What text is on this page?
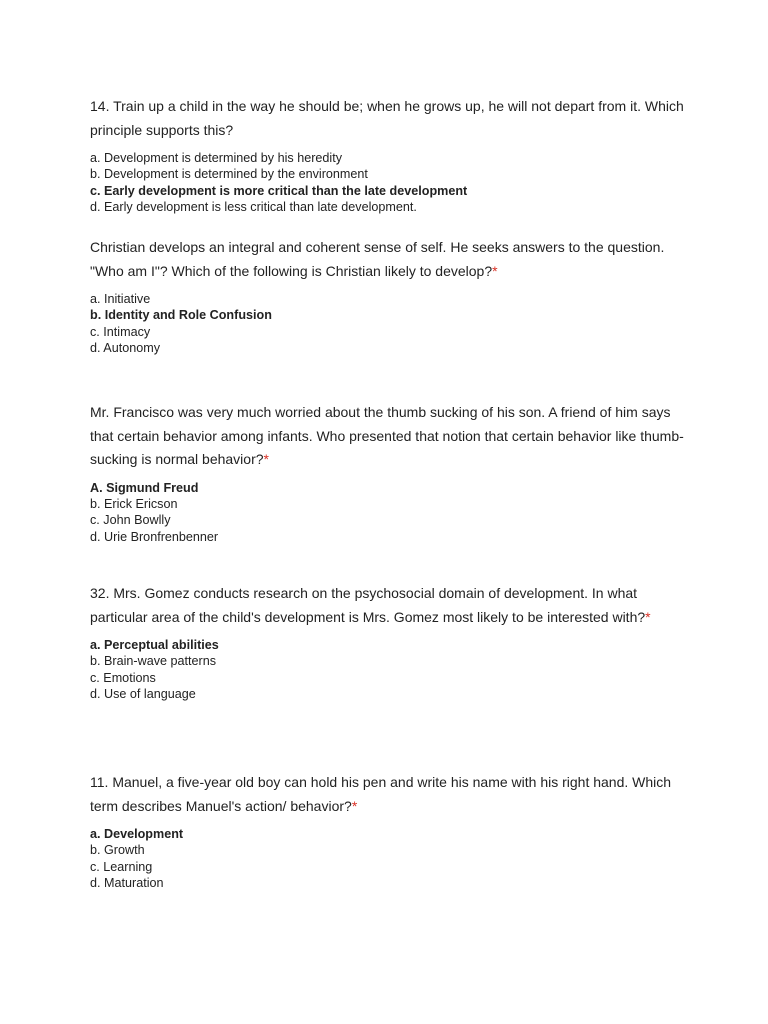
14. Train up a child in the way he should be; when he grows up, he will not depart from it. Which principle supports this?

a. Development is determined by his heredity
b. Development is determined by the environment
c. Early development is more critical than the late development
d. Early development is less critical than late development.

Christian develops an integral and coherent sense of self. He seeks answers to the question. "Who am I"? Which of the following is Christian likely to develop?*

a. Initiative
b. Identity and Role Confusion
c. Intimacy
d. Autonomy

Mr. Francisco was very much worried about the thumb sucking of his son. A friend of him says that certain behavior among infants. Who presented that notion that certain behavior like thumb-sucking is normal behavior?*

A. Sigmund Freud
b. Erick Ericson
c. John Bowlly
d. Urie Bronfrenbenner

32. Mrs. Gomez conducts research on the psychosocial domain of development. In what particular area of the child's development is Mrs. Gomez most likely to be interested with?*

a. Perceptual abilities
b. Brain-wave patterns
c. Emotions
d. Use of language

11. Manuel, a five-year old boy can hold his pen and write his name with his right hand. Which term describes Manuel's action/ behavior?*

a. Development
b. Growth
c. Learning
d. Maturation
